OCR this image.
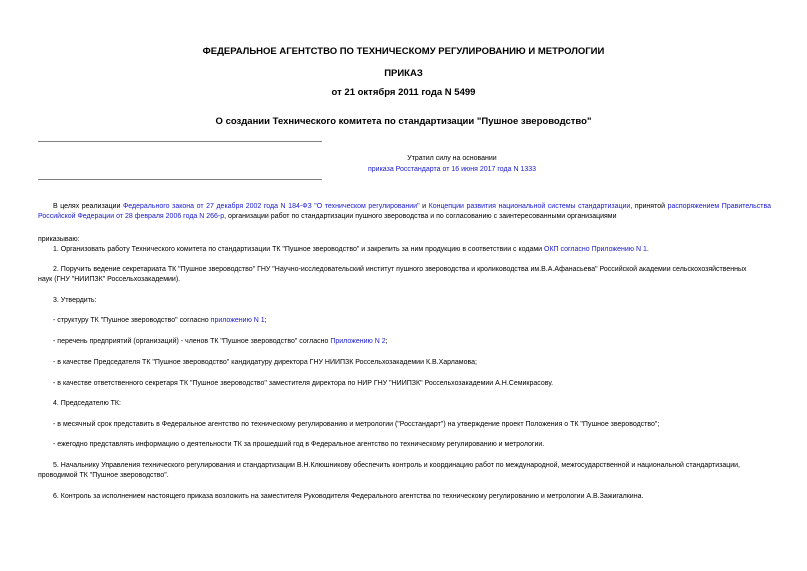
ФЕДЕРАЛЬНОЕ АГЕНТСТВО ПО ТЕХНИЧЕСКОМУ РЕГУЛИРОВАНИЮ И МЕТРОЛОГИИ
ПРИКАЗ
от 21 октября 2011 года N 5499
О создании Технического комитета по стандартизации "Пушное звероводство"
Утратил силу на основании
приказа Росстандарта от 16 июня 2017 года N 1333
В целях реализации Федерального закона от 27 декабря 2002 года N 184-ФЗ "О техническом регулировании" и Концепции развития национальной системы стандартизации, принятой распоряжением Правительства Российской Федерации от 28 февраля 2006 года N 266-р, организации работ по стандартизации пушного звероводства и по согласованию с заинтересованными организациями
приказываю:
1. Организовать работу Технического комитета по стандартизации ТК "Пушное звероводство" и закрепить за ним продукцию в соответствии с кодами ОКП согласно Приложению N 1.
2. Поручить ведение секретариата ТК "Пушное звероводство" ГНУ "Научно-исследовательский институт пушного звероводства и кролиководства им.В.А.Афанасьева" Российской академии сельскохозяйственных
наук (ГНУ "НИИПЗК" Россельхозакадемии).
3. Утвердить:
- структуру ТК "Пушное звероводство" согласно приложению N 1;
- перечень предприятий (организаций) - членов ТК "Пушное звероводство" согласно Приложению N 2;
- в качестве Председателя ТК "Пушное звероводство" кандидатуру директора ГНУ НИИПЗК Россельхозакадемии К.В.Харламова;
- в качестве ответственного секретаря ТК "Пушное звероводство" заместителя директора по НИР ГНУ "НИИПЗК" Россельхозакадемии А.Н.Семикрасову.
4. Председателю ТК:
- в месячный срок представить в Федеральное агентство по техническому регулированию и метрологии ("Росстандарт") на утверждение проект Положения о ТК "Пушное звероводство";
- ежегодно представлять информацию о деятельности ТК за прошедший год в Федеральное агентство по техническому регулированию и метрологии.
5. Начальнику Управления технического регулирования и стандартизации В.Н.Клюшникову обеспечить контроль и координацию работ по международной, межгосударственной и национальной стандартизации,
проводимой ТК "Пушное звероводство".
6. Контроль за исполнением настоящего приказа возложить на заместителя Руководителя Федерального агентства по техническому регулированию и метрологии А.В.Зажигалкина.
